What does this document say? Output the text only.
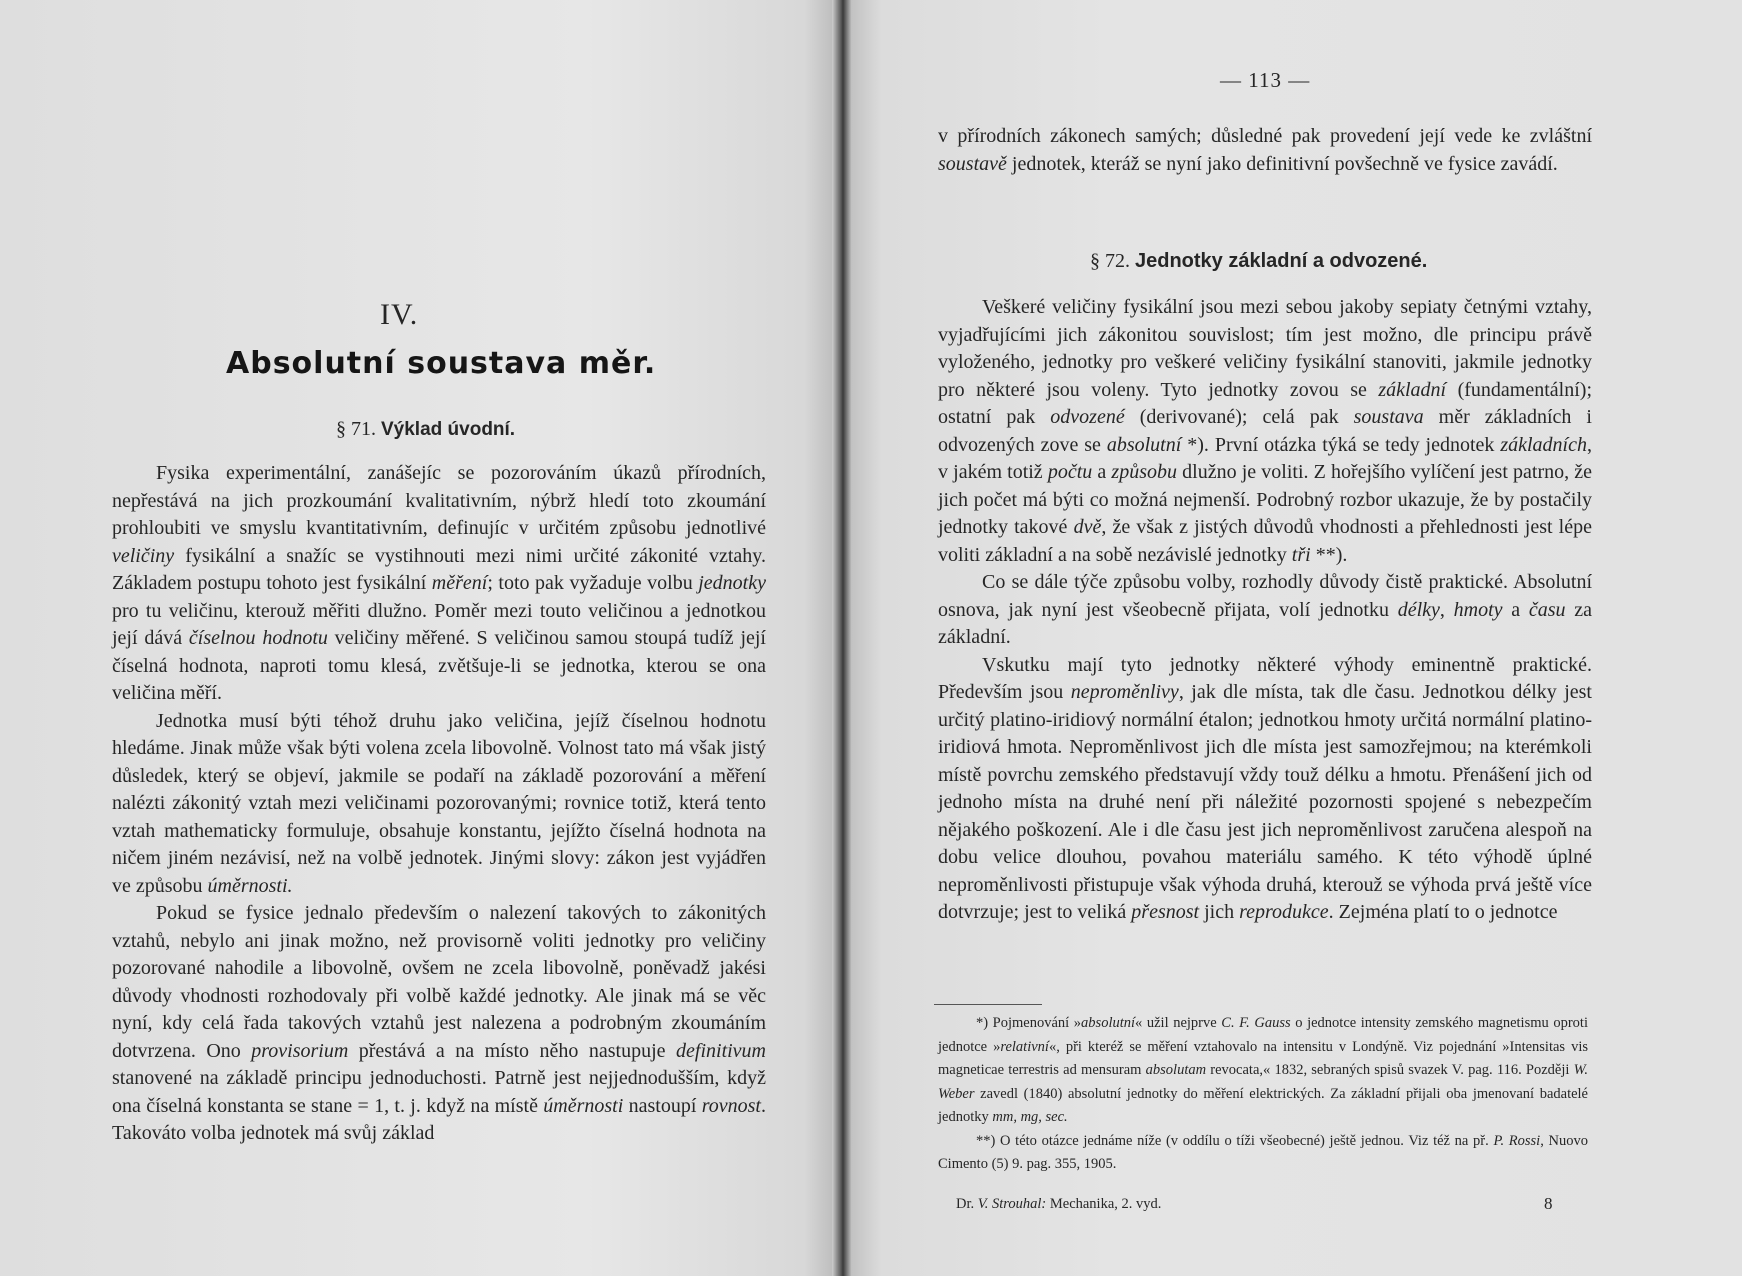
IV.
Absolutní soustava měr.
§ 71. Výklad úvodní.

Fysika experimentální, zanášejíc se pozorováním úkazů přírodních, nepřestává na jich prozkoumání kvalitativním, nýbrž hledí toto zkoumání prohloubiti ve smyslu kvantitativním, definujíc v určitém způsobu jednotlivé veličiny fysikální a snažíc se vystihnouti mezi nimi určité zákonité vztahy. Základem postupu tohoto jest fysikální měření; toto pak vyžaduje volbu jednotky pro tu veličinu, kterouž měřiti dlužno. Poměr mezi touto veličinou a jednotkou její dává číselnou hodnotu veličiny měřené. S veličinou samou stoupá tudíž její číselná hodnota, naproti tomu klesá, zvětšuje-li se jednotka, kterou se ona veličina měří.

Jednotka musí býti téhož druhu jako veličina, jejíž číselnou hodnotu hledáme. Jinak může však býti volena zcela libovolně. Volnost tato má však jistý důsledek, který se objeví, jakmile se podaří na základě pozorování a měření nalézti zákonitý vztah mezi veličinami pozorovanými; rovnice totiž, která tento vztah mathematicky formuluje, obsahuje konstantu, jejížto číselná hodnota na ničem jiném nezávisí, než na volbě jednotek. Jinými slovy: zákon jest vyjádřen ve způsobu úměrnosti.

Pokud se fysice jednalo především o nalezení takových to zákonitých vztahů, nebylo ani jinak možno, než provisorně voliti jednotky pro veličiny pozorované nahodile a libovolně, ovšem ne zcela libovolně, poněvadž jakési důvody vhodnosti rozhodovaly při volbě každé jednotky. Ale jinak má se věc nyní, kdy celá řada takových vztahů jest nalezena a podrobným zkoumáním dotvrzena. Ono provisorium přestává a na místo něho nastupuje definitivum stanovené na základě principu jednoduchosti. Patrně jest nejjednodušším, když ona číselná konstanta se stane = 1, t. j. když na místě úměrnosti nastoupí rovnost. Takováto volba jednotek má svůj základ

— 113 —

v přírodních zákonech samých; důsledné pak provedení její vede ke zvláštní soustavě jednotek, kteráž se nyní jako definitivní povšechně ve fysice zavádí.

§ 72. Jednotky základní a odvozené.

Veškeré veličiny fysikální jsou mezi sebou jakoby sepiaty četnými vztahy, vyjadřujícími jich zákonitou souvislost; tím jest možno, dle principu právě vyloženého, jednotky pro veškeré veličiny fysikální stanoviti, jakmile jednotky pro některé jsou voleny. Tyto jednotky zovou se základní (fundamentální); ostatní pak odvozené (derivované); celá pak soustava měr základních i odvozených zove se absolutní *). První otázka týká se tedy jednotek základních, v jakém totiž počtu a způsobu dlužno je voliti. Z hořejšího vylíčení jest patrno, že jich počet má býti co možná nejmenší. Podrobný rozbor ukazuje, že by postačily jednotky takové dvě, že však z jistých důvodů vhodnosti a přehlednosti jest lépe voliti základní a na sobě nezávislé jednotky tři **).

Co se dále týče způsobu volby, rozhodly důvody čistě praktické. Absolutní osnova, jak nyní jest všeobecně přijata, volí jednotku délky, hmoty a času za základní.

Vskutku mají tyto jednotky některé výhody eminentně praktické. Především jsou neproměnlivy, jak dle místa, tak dle času. Jednotkou délky jest určitý platino-iridiový normální étalon; jednotkou hmoty určitá normální platino-iridiová hmota. Neproměnlivost jich dle místa jest samozřejmou; na kterémkoli místě povrchu zemského představují vždy touž délku a hmotu. Přenášení jich od jednoho místa na druhé není při náležité pozornosti spojené s nebezpečím nějakého poškození. Ale i dle času jest jich neproměnlivost zaručena alespoň na dobu velice dlouhou, povahou materiálu samého. K této výhodě úplné neproměnlivosti přistupuje však výhoda druhá, kterouž se výhoda prvá ještě více dotvrzuje; jest to veliká přesnost jich reprodukce. Zejména platí to o jednotce

*) Pojmenování »absolutní« užil nejprve C. F. Gauss o jednotce intensity zemského magnetismu oproti jednotce »relativní«, při kteréž se měření vztahovalo na intensitu v Londýně. Viz pojednání »Intensitas vis magneticae terrestris ad mensuram absolutam revocata,« 1832, sebraných spisů svazek V. pag. 116. Později W. Weber zavedl (1840) absolutní jednotky do měření elektrických. Za základní přijali oba jmenovaní badatelé jednotky mm, mg, sec.

**) O této otázce jednáme níže (v oddílu o tíži všeobecné) ještě jednou. Viz též na př. P. Rossi, Nuovo Cimento (5) 9. pag. 355, 1905.

Dr. V. Strouhal: Mechanika, 2. vyd.	8
